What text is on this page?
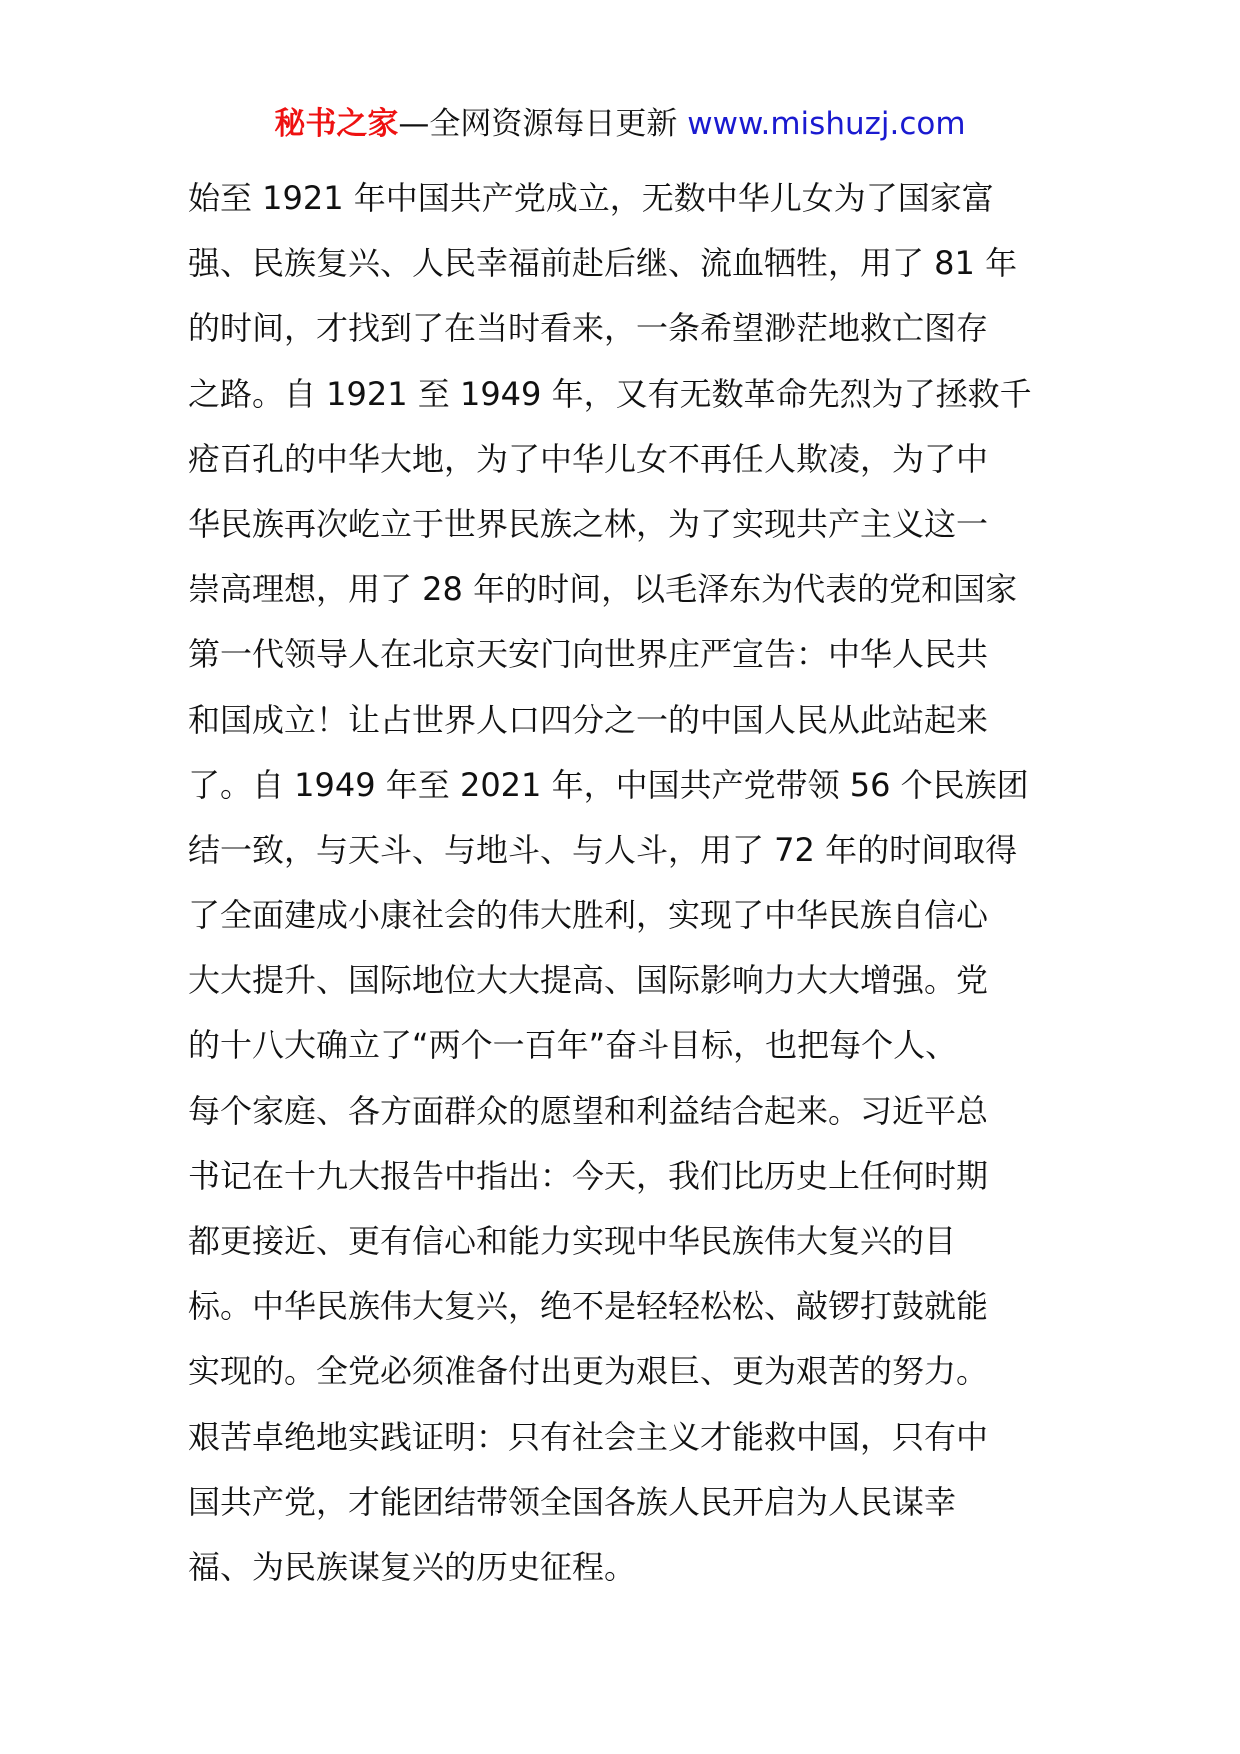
秘书之家—全网资源每日更新 www.mishuzj.com
始至 1921 年中国共产党成立，无数中华儿女为了国家富
强、民族复兴、人民幸福前赴后继、流血牺牲，用了 81 年
的时间，才找到了在当时看来，一条希望渺茫地救亡图存
之路。自 1921 至 1949 年，又有无数革命先烈为了拯救千
疮百孔的中华大地，为了中华儿女不再任人欺凌，为了中
华民族再次屹立于世界民族之林，为了实现共产主义这一
崇高理想，用了 28 年的时间，以毛泽东为代表的党和国家
第一代领导人在北京天安门向世界庄严宣告：中华人民共
和国成立！让占世界人口四分之一的中国人民从此站起来
了。自 1949 年至 2021 年，中国共产党带领 56 个民族团
结一致，与天斗、与地斗、与人斗，用了 72 年的时间取得
了全面建成小康社会的伟大胜利，实现了中华民族自信心
大大提升、国际地位大大提高、国际影响力大大增强。党
的十八大确立了“两个一百年”奋斗目标，也把每个人、
每个家庭、各方面群众的愿望和利益结合起来。习近平总
书记在十九大报告中指出：今天，我们比历史上任何时期
都更接近、更有信心和能力实现中华民族伟大复兴的目
标。中华民族伟大复兴，绝不是轻轻松松、敲锣打鼓就能
实现的。全党必须准备付出更为艰巨、更为艰苦的努力。
艰苦卓绝地实践证明：只有社会主义才能救中国，只有中
国共产党，才能团结带领全国各族人民开启为人民谋幸
福、为民族谋复兴的历史征程。
